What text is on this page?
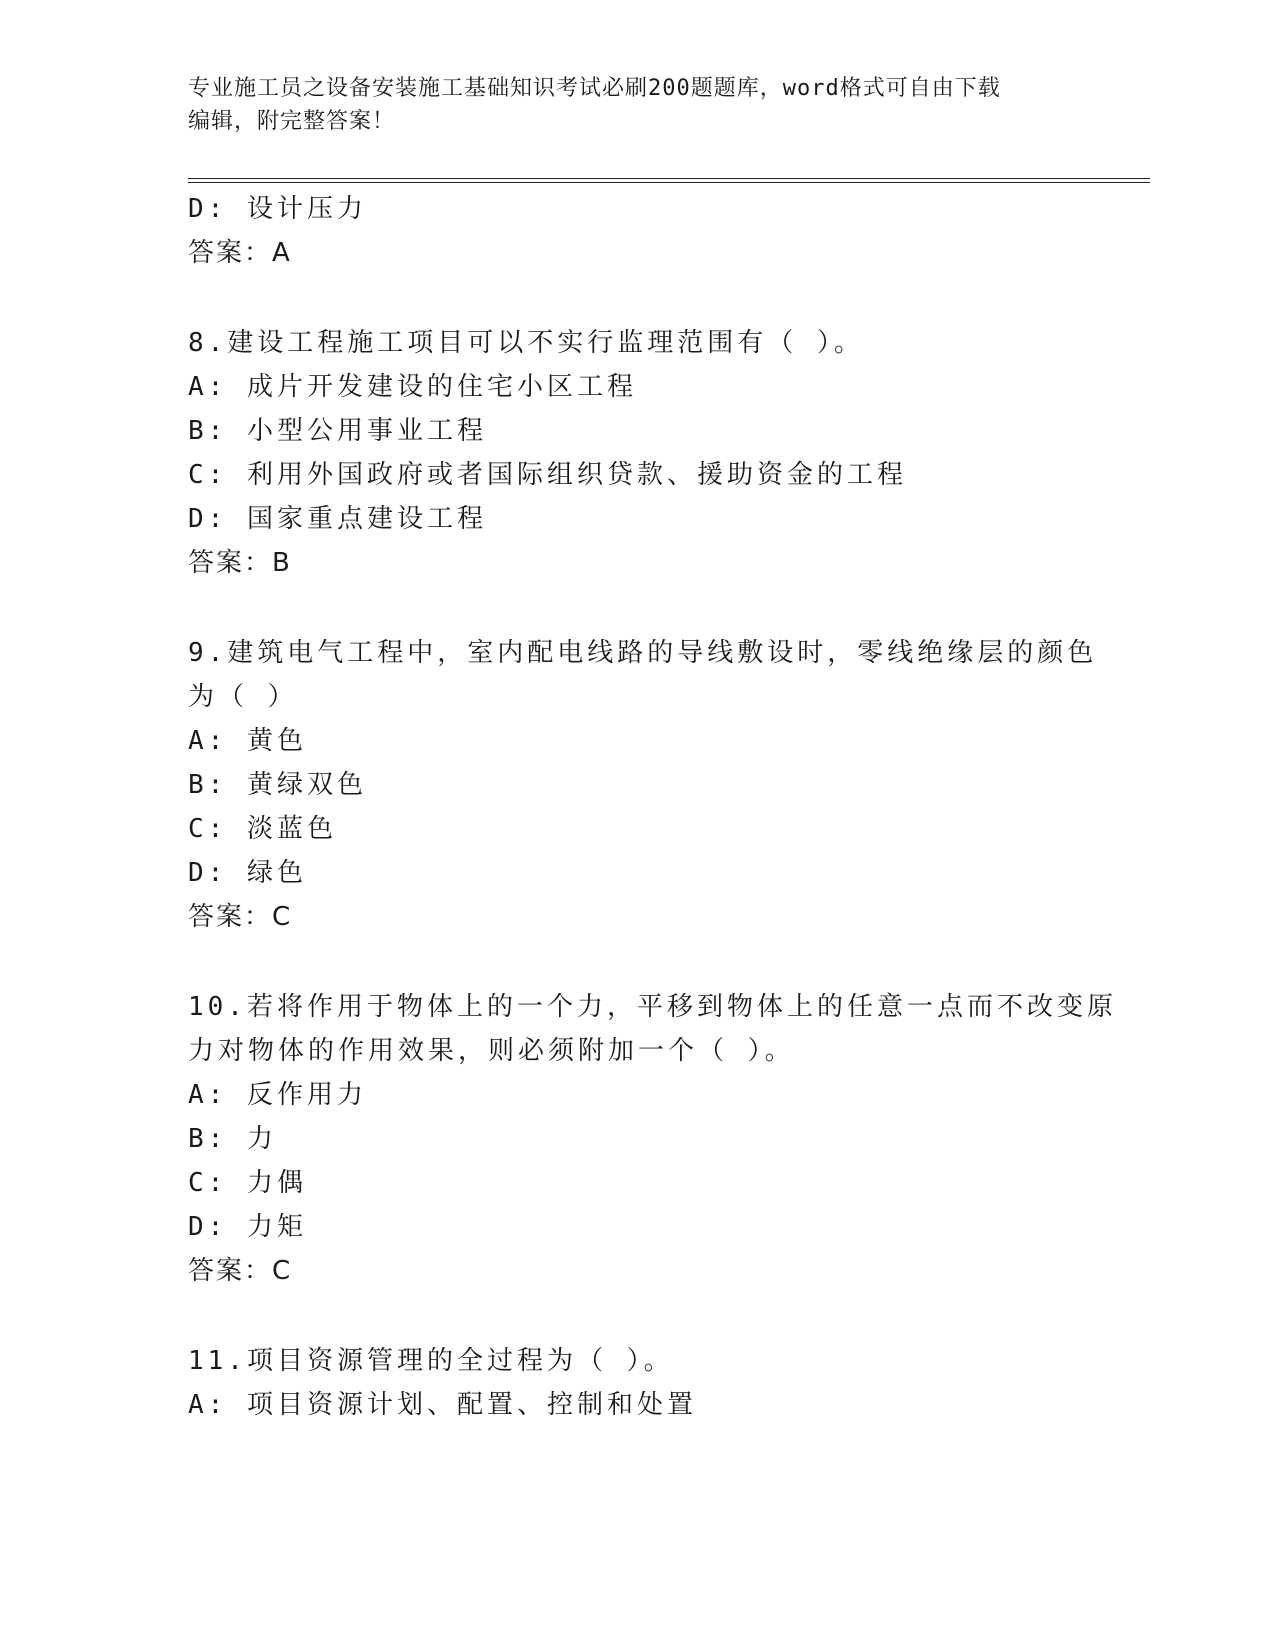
专业施工员之设备安装施工基础知识考试必刷200题题库，word格式可自由下载
编辑，附完整答案！
D: 设计压力
答案：A
8.建设工程施工项目可以不实行监理范围有（ ）。
A: 成片开发建设的住宅小区工程
B: 小型公用事业工程
C: 利用外国政府或者国际组织贷款、援助资金的工程
D: 国家重点建设工程
答案：B
9.建筑电气工程中，室内配电线路的导线敷设时，零线绝缘层的颜色
为（ ）
A: 黄色
B: 黄绿双色
C: 淡蓝色
D: 绿色
答案：C
10.若将作用于物体上的一个力，平移到物体上的任意一点而不改变原
力对物体的作用效果，则必须附加一个（ ）。
A: 反作用力
B: 力
C: 力偶
D: 力矩
答案：C
11.项目资源管理的全过程为（ ）。
A: 项目资源计划、配置、控制和处置
